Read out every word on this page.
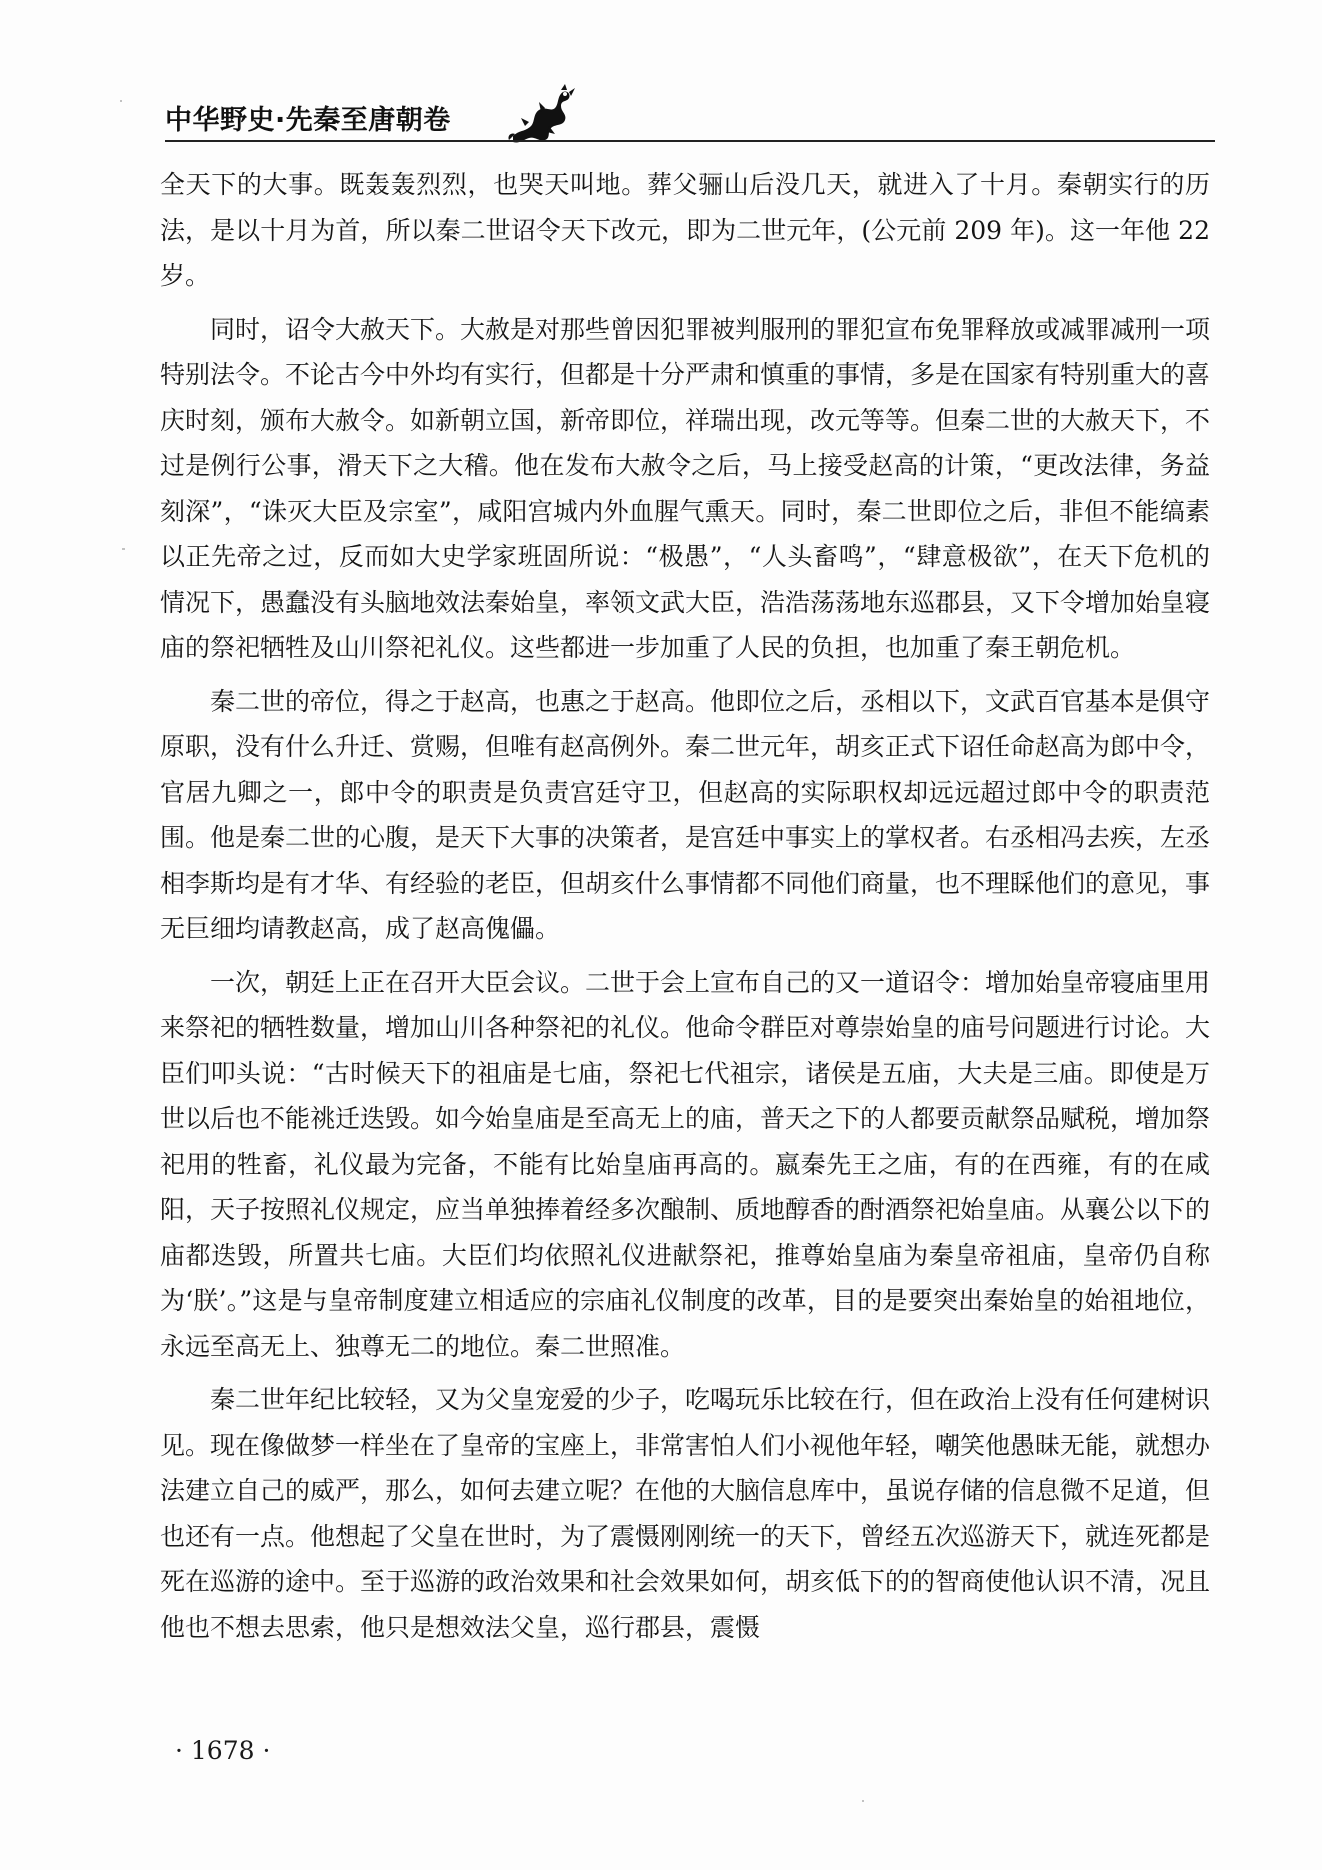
中华野史·先秦至唐朝卷

全天下的大事。既轰轰烈烈，也哭天叫地。葬父骊山后没几天，就进入了十月。秦朝实行的历法，是以十月为首，所以秦二世诏令天下改元，即为二世元年，(公元前 209 年)。这一年他 22 岁。

同时，诏令大赦天下。大赦是对那些曾因犯罪被判服刑的罪犯宣布免罪释放或减罪减刑一项特别法令。不论古今中外均有实行，但都是十分严肃和慎重的事情，多是在国家有特别重大的喜庆时刻，颁布大赦令。如新朝立国，新帝即位，祥瑞出现，改元等等。但秦二世的大赦天下，不过是例行公事，滑天下之大稽。他在发布大赦令之后，马上接受赵高的计策，“更改法律，务益刻深”，“诛灭大臣及宗室”，咸阳宫城内外血腥气熏天。同时，秦二世即位之后，非但不能缟素以正先帝之过，反而如大史学家班固所说：“极愚”，“人头畜鸣”，“肆意极欲”，在天下危机的情况下，愚蠢没有头脑地效法秦始皇，率领文武大臣，浩浩荡荡地东巡郡县，又下令增加始皇寝庙的祭祀牺牲及山川祭祀礼仪。这些都进一步加重了人民的负担，也加重了秦王朝危机。

秦二世的帝位，得之于赵高，也惠之于赵高。他即位之后，丞相以下，文武百官基本是俱守原职，没有什么升迁、赏赐，但唯有赵高例外。秦二世元年，胡亥正式下诏任命赵高为郎中令，官居九卿之一，郎中令的职责是负责宫廷守卫，但赵高的实际职权却远远超过郎中令的职责范围。他是秦二世的心腹，是天下大事的决策者，是宫廷中事实上的掌权者。右丞相冯去疾，左丞相李斯均是有才华、有经验的老臣，但胡亥什么事情都不同他们商量，也不理睬他们的意见，事无巨细均请教赵高，成了赵高傀儡。

一次，朝廷上正在召开大臣会议。二世于会上宣布自己的又一道诏令：增加始皇帝寝庙里用来祭祀的牺牲数量，增加山川各种祭祀的礼仪。他命令群臣对尊崇始皇的庙号问题进行讨论。大臣们叩头说：“古时候天下的祖庙是七庙，祭祀七代祖宗，诸侯是五庙，大夫是三庙。即使是万世以后也不能祧迁迭毁。如今始皇庙是至高无上的庙，普天之下的人都要贡献祭品赋税，增加祭祀用的牲畜，礼仪最为完备，不能有比始皇庙再高的。嬴秦先王之庙，有的在西雍，有的在咸阳，天子按照礼仪规定，应当单独捧着经多次酿制、质地醇香的酎酒祭祀始皇庙。从襄公以下的庙都迭毁，所置共七庙。大臣们均依照礼仪进献祭祀，推尊始皇庙为秦皇帝祖庙，皇帝仍自称为‘朕’。”这是与皇帝制度建立相适应的宗庙礼仪制度的改革，目的是要突出秦始皇的始祖地位，永远至高无上、独尊无二的地位。秦二世照准。

秦二世年纪比较轻，又为父皇宠爱的少子，吃喝玩乐比较在行，但在政治上没有任何建树识见。现在像做梦一样坐在了皇帝的宝座上，非常害怕人们小视他年轻，嘲笑他愚昧无能，就想办法建立自己的威严，那么，如何去建立呢？在他的大脑信息库中，虽说存储的信息微不足道，但也还有一点。他想起了父皇在世时，为了震慑刚刚统一的天下，曾经五次巡游天下，就连死都是死在巡游的途中。至于巡游的政治效果和社会效果如何，胡亥低下的的智商使他认识不清，况且他也不想去思索，他只是想效法父皇，巡行郡县，震慑

· 1678 ·
